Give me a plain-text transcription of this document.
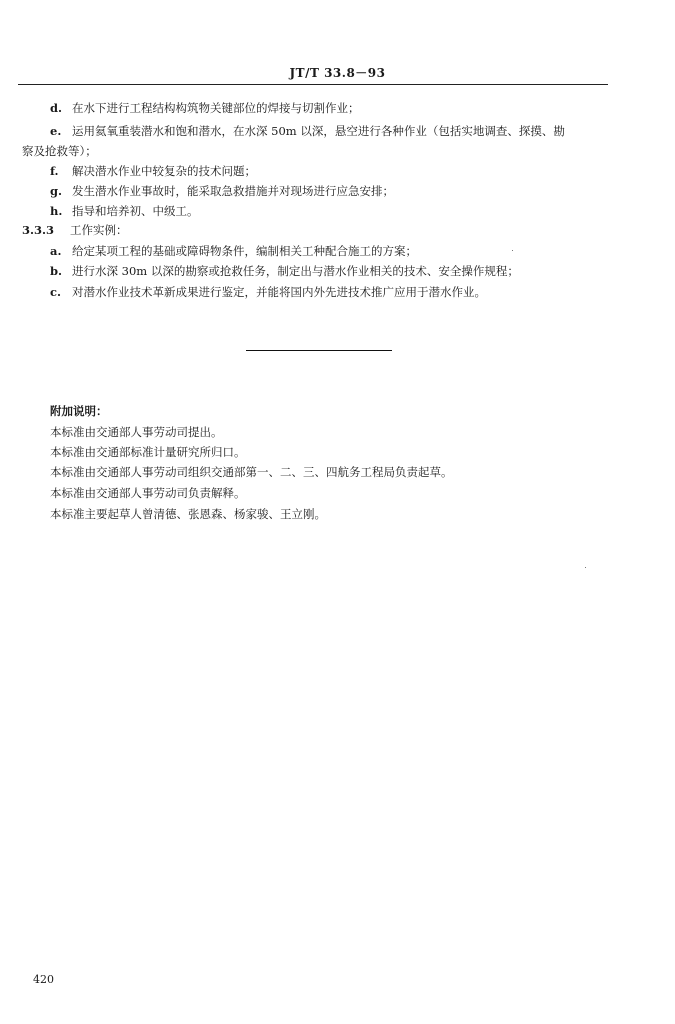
JT/T 33.8－93
d. 在水下进行工程结构构筑物关键部位的焊接与切割作业；
e. 运用氦氧重装潜水和饱和潜水，在水深 50m 以深，悬空进行各种作业（包括实地调查、探摸、勘
察及抢救等）；
f. 解决潜水作业中较复杂的技术问题；
g. 发生潜水作业事故时，能采取急救措施并对现场进行应急安排；
h. 指导和培养初、中级工。
3.3.3 工作实例：
a. 给定某项工程的基础或障碍物条件，编制相关工种配合施工的方案；
b. 进行水深 30m 以深的勘察或抢救任务，制定出与潜水作业相关的技术、安全操作规程；
c. 对潜水作业技术革新成果进行鉴定，并能将国内外先进技术推广应用于潜水作业。
附加说明：
本标准由交通部人事劳动司提出。
本标准由交通部标准计量研究所归口。
本标准由交通部人事劳动司组织交通部第一、二、三、四航务工程局负责起草。
本标准由交通部人事劳动司负责解释。
本标准主要起草人曾清德、张恩森、杨家骏、王立刚。
420
